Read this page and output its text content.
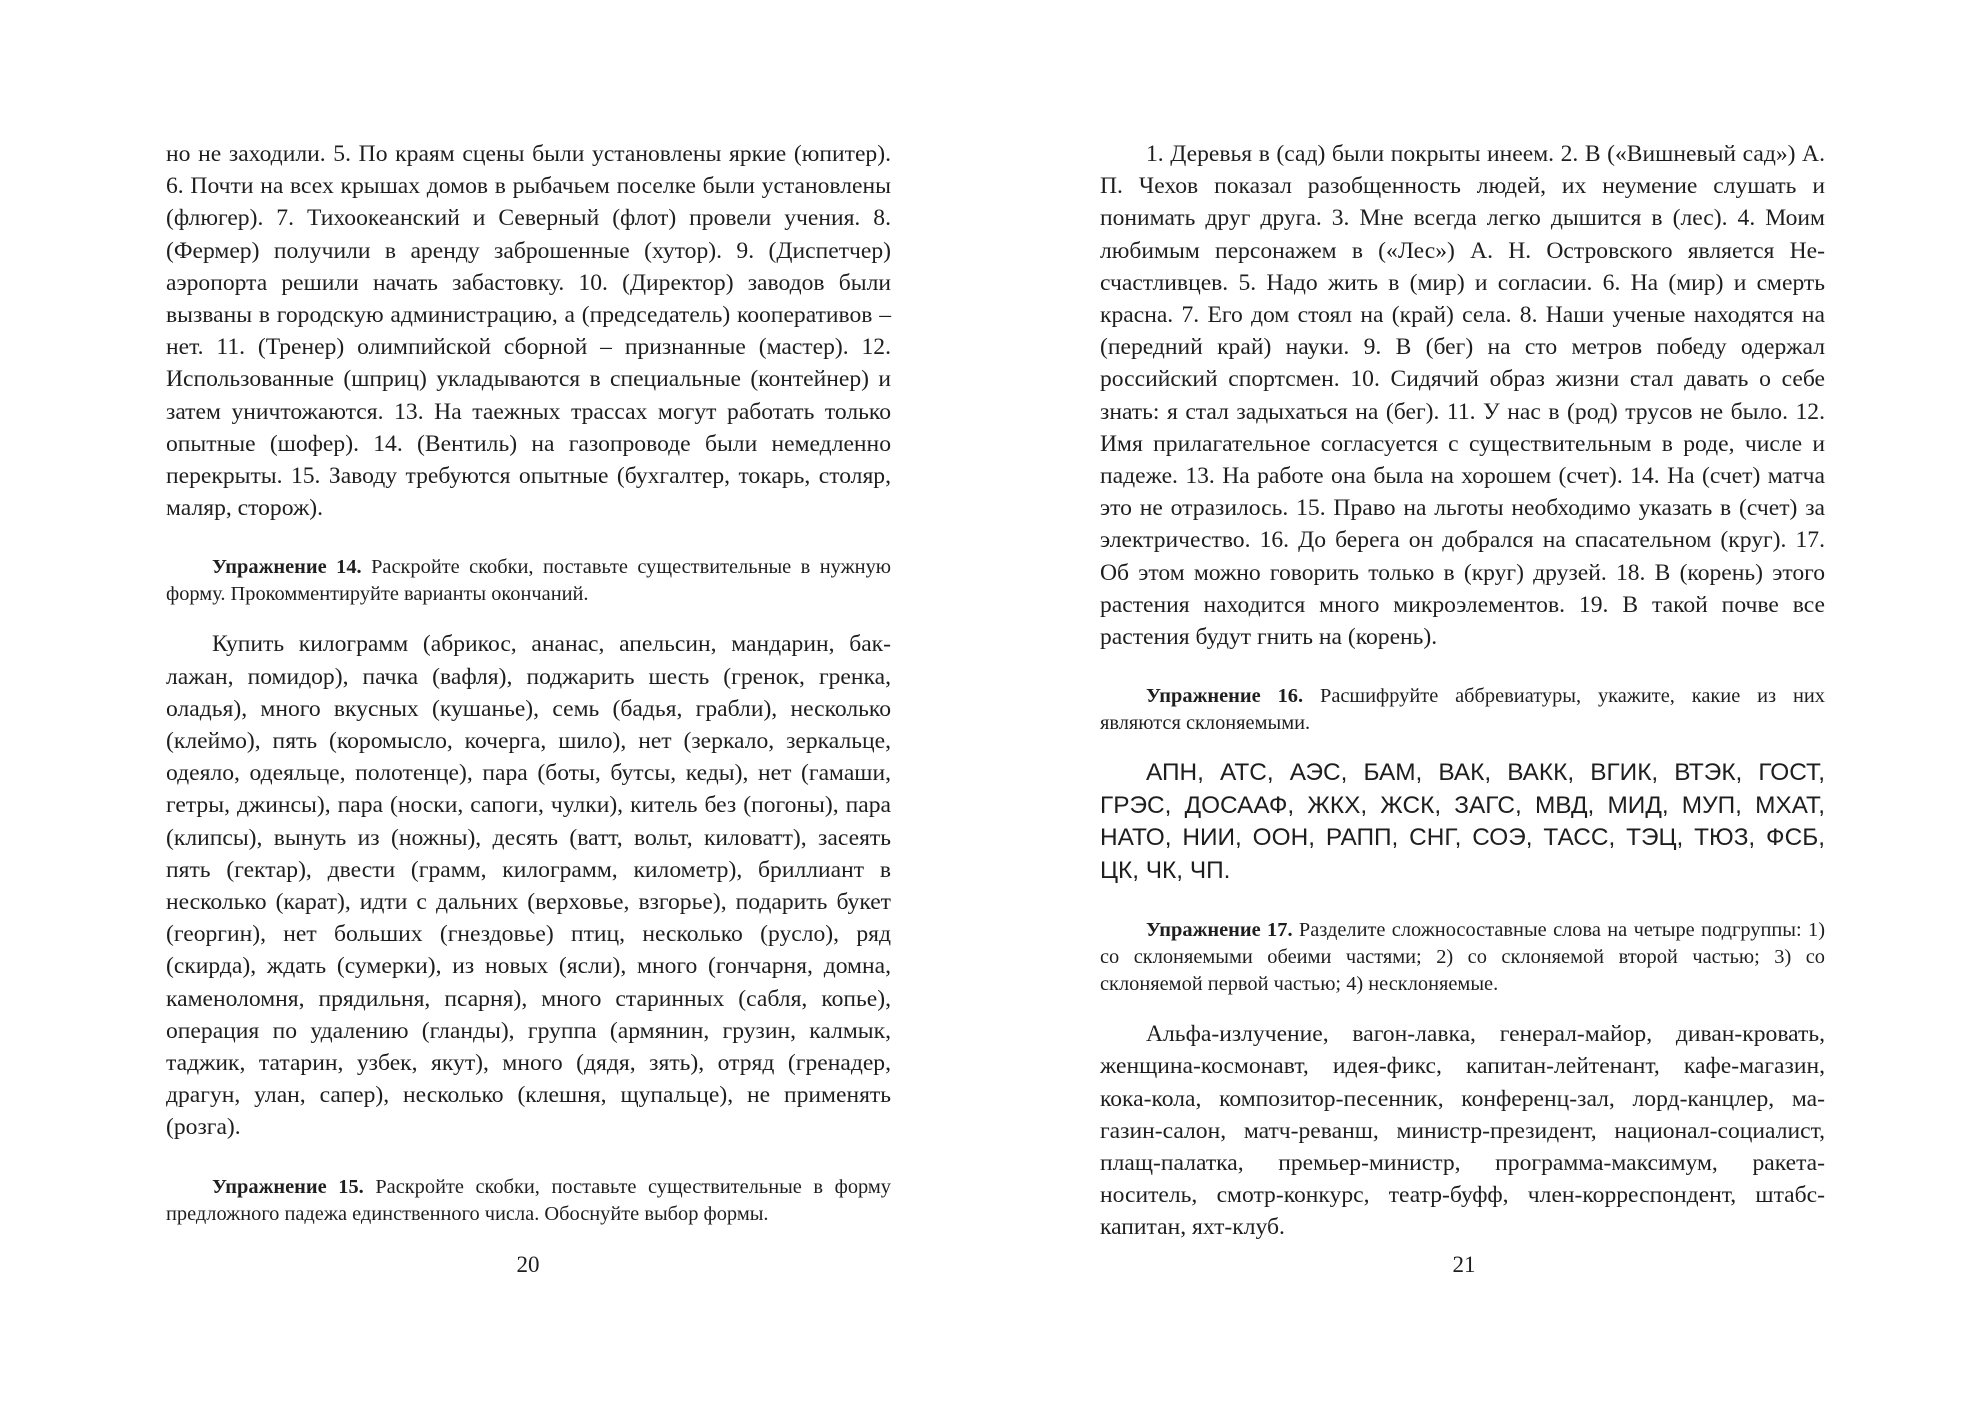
но не заходили. 5. По краям сцены были установлены яркие (юпитер). 6. Почти на всех крышах домов в рыбачьем поселке были установлены (флюгер). 7. Тихоокеанский и Северный (флот) провели учения. 8. (Фермер) получили в аренду заброшенные (хутор). 9. (Диспетчер) аэропорта решили начать забастовку. 10. (Директор) заводов были вызваны в городскую администрацию, а (председатель) кооперативов – нет. 11. (Тренер) олимпийской сборной – признанные (мастер). 12. Использованные (шприц) укладываются в специальные (контейнер) и затем уничтожаются. 13. На таежных трассах могут работать только опытные (шофер). 14. (Вентиль) на газопроводе были немедленно перекрыты. 15. Заводу требуются опытные (бухгалтер, токарь, столяр, маляр, сторож).

Упражнение 14. Раскройте скобки, поставьте существительные в нужную форму. Прокомментируйте варианты окончаний.

Купить килограмм (абрикос, ананас, апельсин, мандарин, баклажан, помидор), пачка (вафля), поджарить шесть (гренок, гренка, оладья), много вкусных (кушанье), семь (бадья, грабли), несколько (клеймо), пять (коромысло, кочерга, шило), нет (зеркало, зеркальце, одеяло, одеяльце, полотенце), пара (боты, бутсы, кеды), нет (гамаши, гетры, джинсы), пара (носки, сапоги, чулки), китель без (погоны), пара (клипсы), вынуть из (ножны), десять (ватт, вольт, киловатт), засеять пять (гектар), двести (грамм, килограмм, километр), бриллиант в несколько (карат), идти с дальних (верховье, взгорье), подарить букет (георгин), нет больших (гнездовье) птиц, несколько (русло), ряд (скирда), ждать (сумерки), из новых (ясли), много (гончарня, домна, каменоломня, прядильня, псарня), много старинных (сабля, копье), операция по удалению (гланды), группа (армянин, грузин, калмык, таджик, татарин, узбек, якут), много (дядя, зять), отряд (гренадер, драгун, улан, сапер), несколько (клешня, щупальце), не применять (розга).

Упражнение 15. Раскройте скобки, поставьте существительные в форму предложного падежа единственного числа. Обоснуйте выбор формы.

20

1. Деревья в (сад) были покрыты инеем. 2. В («Вишневый сад») А. П. Чехов показал разобщенность людей, их неумение слушать и понимать друг друга. 3. Мне всегда легко дышится в (лес). 4. Моим любимым персонажем в («Лес») А. Н. Островского является Несчастливцев. 5. Надо жить в (мир) и согласии. 6. На (мир) и смерть красна. 7. Его дом стоял на (край) села. 8. Наши ученые находятся на (передний край) науки. 9. В (бег) на сто метров победу одержал российский спортсмен. 10. Сидячий образ жизни стал давать о себе знать: я стал задыхаться на (бег). 11. У нас в (род) трусов не было. 12. Имя прилагательное согласуется с существительным в роде, числе и падеже. 13. На работе она была на хорошем (счет). 14. На (счет) матча это не отразилось. 15. Право на льготы необходимо указать в (счет) за электричество. 16. До берега он добрался на спасательном (круг). 17. Об этом можно говорить только в (круг) друзей. 18. В (корень) этого растения находится много микроэлементов. 19. В такой почве все растения будут гнить на (корень).

Упражнение 16. Расшифруйте аббревиатуры, укажите, какие из них являются склоняемыми.

АПН, АТС, АЭС, БАМ, ВАК, ВАКК, ВГИК, ВТЭК, ГОСТ, ГРЭС, ДОСААФ, ЖКХ, ЖСК, ЗАГС, МВД, МИД, МУП, МХАТ, НАТО, НИИ, ООН, РАПП, СНГ, СОЭ, ТАСС, ТЭЦ, ТЮЗ, ФСБ, ЦК, ЧК, ЧП.

Упражнение 17. Разделите сложносоставные слова на четыре подгруппы: 1) со склоняемыми обеими частями; 2) со склоняемой второй частью; 3) со склоняемой первой частью; 4) несклоняемые.

Альфа-излучение, вагон-лавка, генерал-майор, диван-кровать, женщина-космонавт, идея-фикс, капитан-лейтенант, кафе-магазин, кока-кола, композитор-песенник, конференц-зал, лорд-канцлер, магазин-салон, матч-реванш, министр-президент, национал-социалист, плащ-палатка, премьер-министр, программа-максимум, ракета-носитель, смотр-конкурс, театр-буфф, член-корреспондент, штабс-капитан, яхт-клуб.

21
